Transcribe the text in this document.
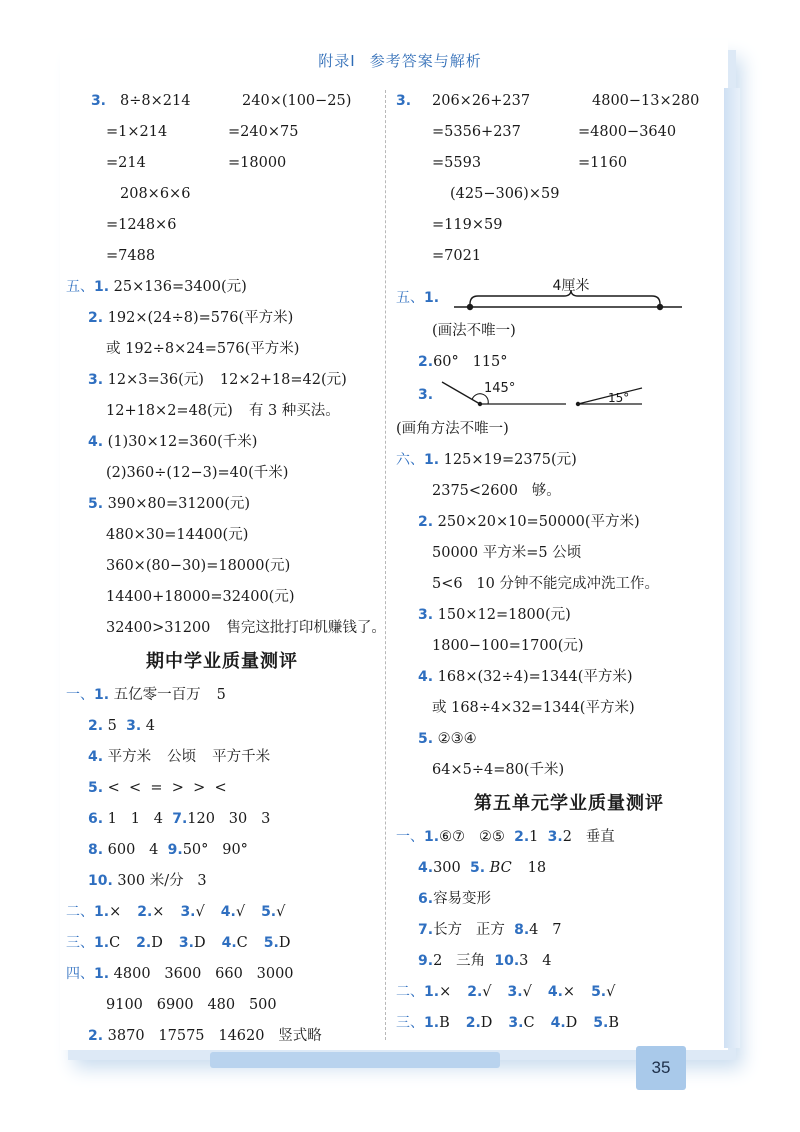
35
附录Ⅰ 参考答案与解析
3. 8÷8×214	240×(100−25)
=1×214	=240×75
=214	=18000
208×6×6
=1248×6
=7488
五、1. 25×136=3400(元)
2. 192×(24÷8)=576(平方米)
或 192÷8×24=576(平方米)
3. 12×3=36(元) 12×2+18=42(元)
12+18×2=48(元) 有 3 种买法。
4. (1)30×12=360(千米)
(2)360÷(12−3)=40(千米)
5. 390×80=31200(元)
480×30=14400(元)
360×(80−30)=18000(元)
14400+18000=32400(元)
32400>31200 售完这批打印机赚钱了。
期中学业质量测评
一、1. 五亿零一百万 5
2. 5 3. 4
4. 平方米 公顷 平方千米
5. <  <  =  >  >  <
6. 1   1   4 7.120   30   3
8. 600   4 9.50°   90°
10. 300 米/分   3
二、1.× 2.× 3.√ 4.√ 5.√
三、1.C 2.D 3.D 4.C 5.D
四、1. 4800   3600   660   3000
9100   6900   480   500
2. 3870   17575   14620   竖式略
3. 206×26+237	4800−13×280
=5356+237	=4800−3640
=5593	=1160
(425−306)×59
=119×59
=7021
五、1.
4厘米
(画法不唯一)
2.60°   115°
3.	145°
15°
(画角方法不唯一)
六、1. 125×19=2375(元)
2375<2600   够。
2. 250×20×10=50000(平方米)
50000 平方米=5 公顷
5<6   10 分钟不能完成冲洗工作。
3. 150×12=1800(元)
1800−100=1700(元)
4. 168×(32÷4)=1344(平方米)
或 168÷4×32=1344(平方米)
5. ②③④
64×5÷4=80(千米)
第五单元学业质量测评
一、1.⑥⑦   ②⑤ 2.1 3.2   垂直
4.300 5. BC 18
6.容易变形
7.长方   正方 8.4   7
9.2   三角 10.3   4
二、1.× 2.√ 3.√ 4.× 5.√
三、1.B 2.D 3.C 4.D 5.B
